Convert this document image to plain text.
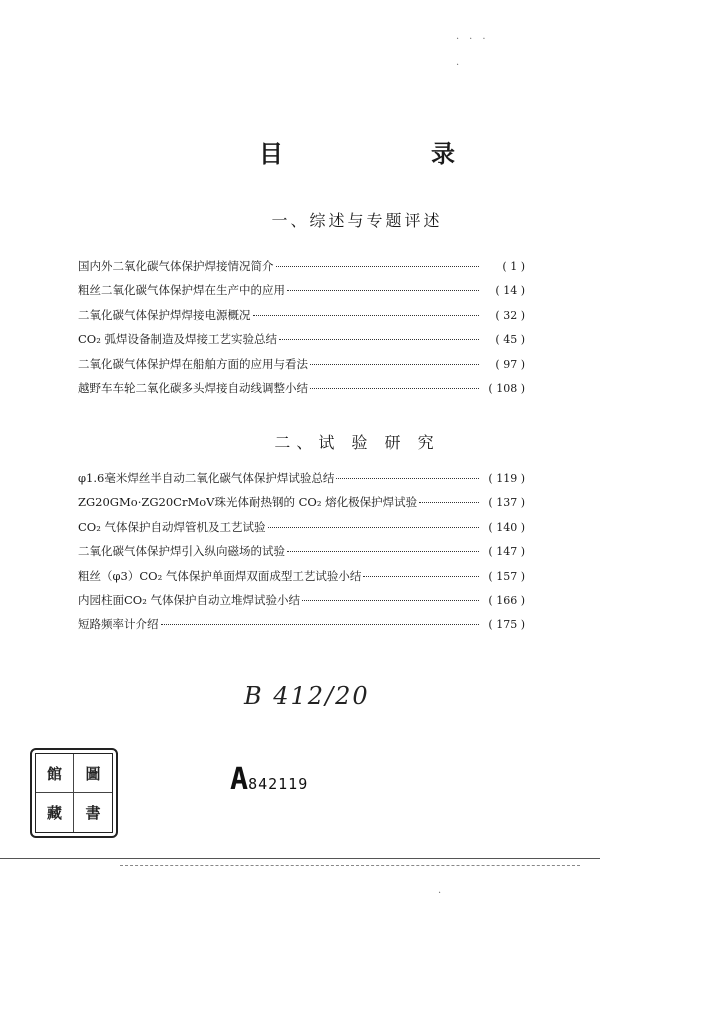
目　录
一、综述与专题评述
国内外二氧化碳气体保护焊接情况简介	( 1 )
粗丝二氧化碳气体保护焊在生产中的应用	( 14 )
二氧化碳气体保护焊焊接电源概况	( 32 )
CO₂ 弧焊设备制造及焊接工艺实验总结	( 45 )
二氧化碳气体保护焊在船舶方面的应用与看法	( 97 )
越野车车轮二氧化碳多头焊接自动线调整小结	( 108 )
二、试 验 研 究
φ1.6毫米焊丝半自动二氧化碳气体保护焊试验总结	( 119 )
ZG20GMo·ZG20CrMoV珠光体耐热钢的 CO₂ 熔化极保护焊试验	( 137 )
CO₂ 气体保护自动焊管机及工艺试验	( 140 )
二氧化碳气体保护焊引入纵向磁场的试验	( 147 )
粗丝（φ3）CO₂ 气体保护单面焊双面成型工艺试验小结	( 157 )
内园柱面CO₂ 气体保护自动立堆焊试验小结	( 166 )
短路频率计介绍	( 175 )
B 412/20
館	圖
藏	書
A842119
·　·　·
·
·
